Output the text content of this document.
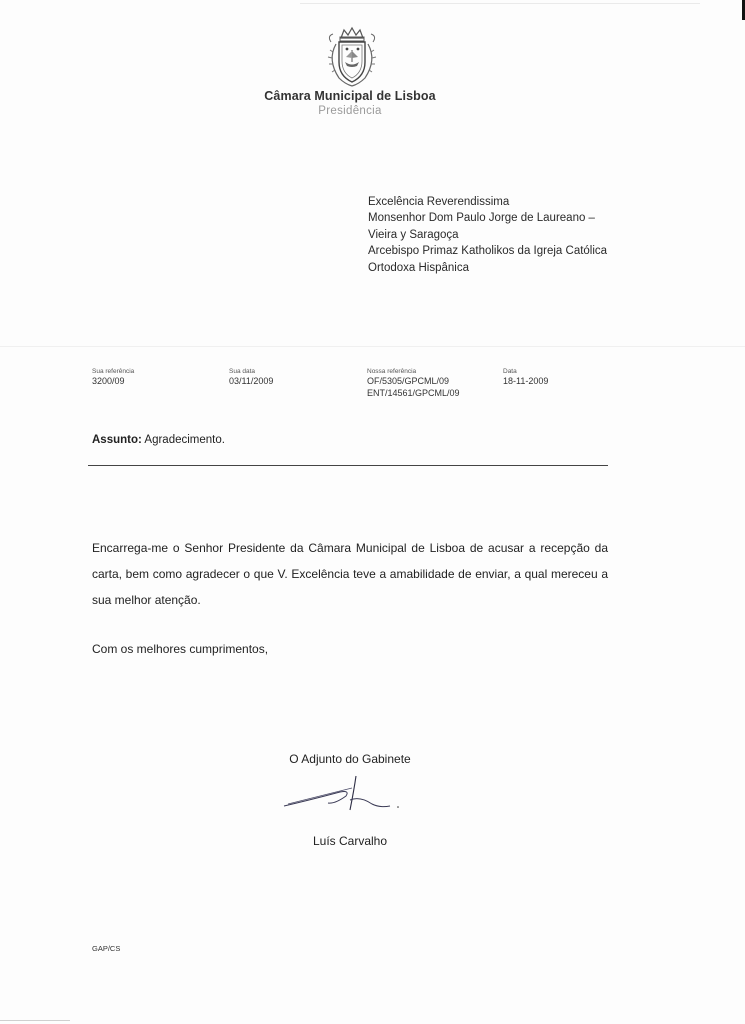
Câmara Municipal de Lisboa
Presidência
Excelência Reverendissima
Monsenhor Dom Paulo Jorge de Laureano –
Vieira y Saragoça
Arcebispo Primaz Katholikos da Igreja Católica
Ortodoxa Hispânica
Sua referência
3200/09
Sua data
03/11/2009
Nossa referência
OF/5305/GPCML/09
ENT/14561/GPCML/09
Data
18-11-2009
Assunto: Agradecimento.
Encarrega-me o Senhor Presidente da Câmara Municipal de Lisboa de acusar a recepção da carta, bem como agradecer o que V. Excelência teve a amabilidade de enviar, a qual mereceu a sua melhor atenção.
Com os melhores cumprimentos,
O Adjunto do Gabinete
Luís Carvalho
GAP/CS
